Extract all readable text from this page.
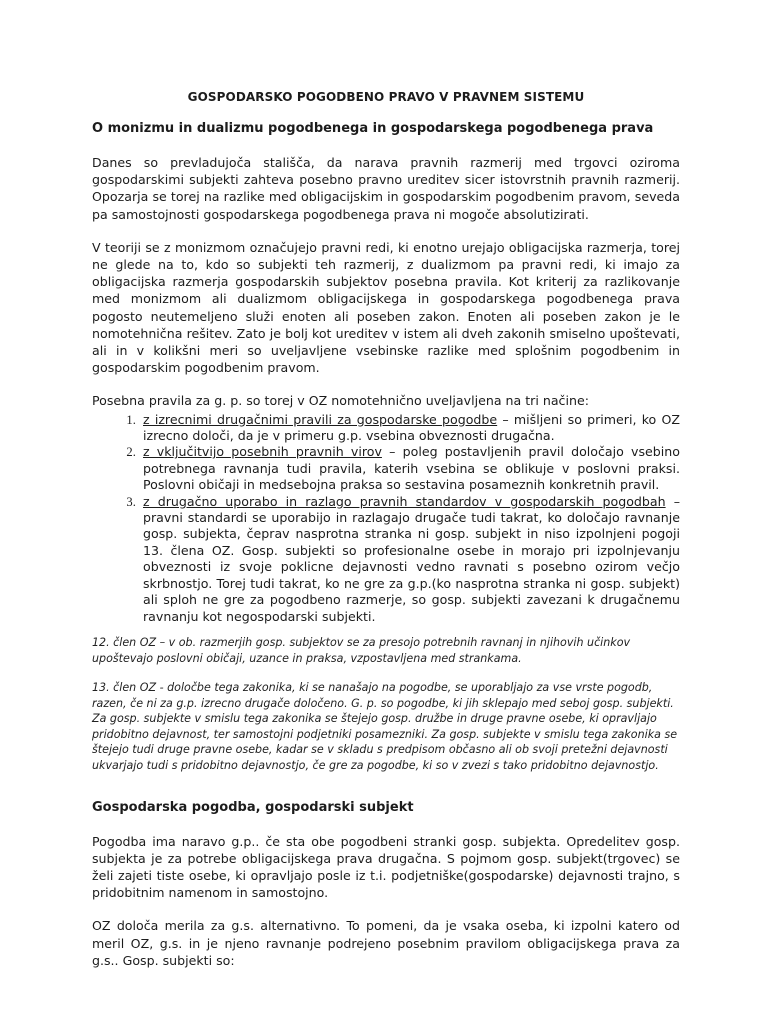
GOSPODARSKO POGODBENO PRAVO V PRAVNEM SISTEMU
O monizmu in dualizmu pogodbenega in gospodarskega pogodbenega prava
Danes so prevladujoča stališča, da narava pravnih razmerij med trgovci oziroma gospodarskimi subjekti zahteva posebno pravno ureditev sicer istovrstnih pravnih razmerij. Opozarja se torej na razlike med obligacijskim in gospodarskim pogodbenim pravom, seveda pa samostojnosti gospodarskega pogodbenega prava ni mogoče absolutizirati.
V teoriji se z monizmom označujejo pravni redi, ki enotno urejajo obligacijska razmerja, torej ne glede na to, kdo so subjekti teh razmerij, z dualizmom pa pravni redi, ki imajo za obligacijska razmerja gospodarskih subjektov posebna pravila. Kot kriterij za razlikovanje med monizmom ali dualizmom obligacijskega in gospodarskega pogodbenega prava pogosto neutemeljeno služi enoten ali poseben zakon. Enoten ali poseben zakon je le nomotehnična rešitev. Zato je bolj kot ureditev v istem ali dveh zakonih smiselno upoštevati, ali in v kolikšni meri so uveljavljene vsebinske razlike med splošnim pogodbenim in gospodarskim pogodbenim pravom.
Posebna pravila za g. p. so torej v OZ nomotehnično uveljavljena na tri načine:
1. z izrecnimi drugačnimi pravili za gospodarske pogodbe – mišljeni so primeri, ko OZ izrecno določi, da je v primeru g.p. vsebina obveznosti drugačna.
2. z vključitvijo posebnih pravnih virov – poleg postavljenih pravil določajo vsebino potrebnega ravnanja tudi pravila, katerih vsebina se oblikuje v poslovni praksi. Poslovni običaji in medsebojna praksa so sestavina posameznih konkretnih pravil.
3. z drugačno uporabo in razlago pravnih standardov v gospodarskih pogodbah – pravni standardi se uporabijo in razlagajo drugače tudi takrat, ko določajo ravnanje gosp. subjekta, čeprav nasprotna stranka ni gosp. subjekt in niso izpolnjeni pogoji 13. člena OZ. Gosp. subjekti so profesionalne osebe in morajo pri izpolnjevanju obveznosti iz svoje poklicne dejavnosti vedno ravnati s posebno ozirom večjo skrbnostjo. Torej tudi takrat, ko ne gre za g.p.(ko nasprotna stranka ni gosp. subjekt) ali sploh ne gre za pogodbeno razmerje, so gosp. subjekti zavezani k drugačnemu ravnanju kot negospodarski subjekti.
12. člen OZ – v ob. razmerjih gosp. subjektov se za presojo potrebnih ravnanj in njihovih učinkov upoštevajo poslovni običaji, uzance in praksa, vzpostavljena med strankama.
13. člen OZ - določbe tega zakonika, ki se nanašajo na pogodbe, se uporabljajo za vse vrste pogodb, razen, če ni za g.p. izrecno drugače določeno. G. p. so pogodbe, ki jih sklepajo med seboj gosp. subjekti. Za gosp. subjekte v smislu tega zakonika se štejejo gosp. družbe in druge pravne osebe, ki opravljajo pridobitno dejavnost, ter samostojni podjetniki posamezniki. Za gosp. subjekte v smislu tega zakonika se štejejo tudi druge pravne osebe, kadar se v skladu s predpisom občasno ali ob svoji pretežni dejavnosti ukvarjajo tudi s pridobitno dejavnostjo, če gre za pogodbe, ki so v zvezi s tako pridobitno dejavnostjo.
Gospodarska pogodba, gospodarski subjekt
Pogodba ima naravo g.p.. če sta obe pogodbeni stranki gosp. subjekta. Opredelitev gosp. subjekta je za potrebe obligacijskega prava drugačna. S pojmom gosp. subjekt(trgovec) se želi zajeti tiste osebe, ki opravljajo posle iz t.i. podjetniške(gospodarske) dejavnosti trajno, s pridobitnim namenom in samostojno.
OZ določa merila za g.s. alternativno. To pomeni, da je vsaka oseba, ki izpolni katero od meril OZ, g.s. in je njeno ravnanje podrejeno posebnim pravilom obligacijskega prava za g.s.. Gosp. subjekti so:
